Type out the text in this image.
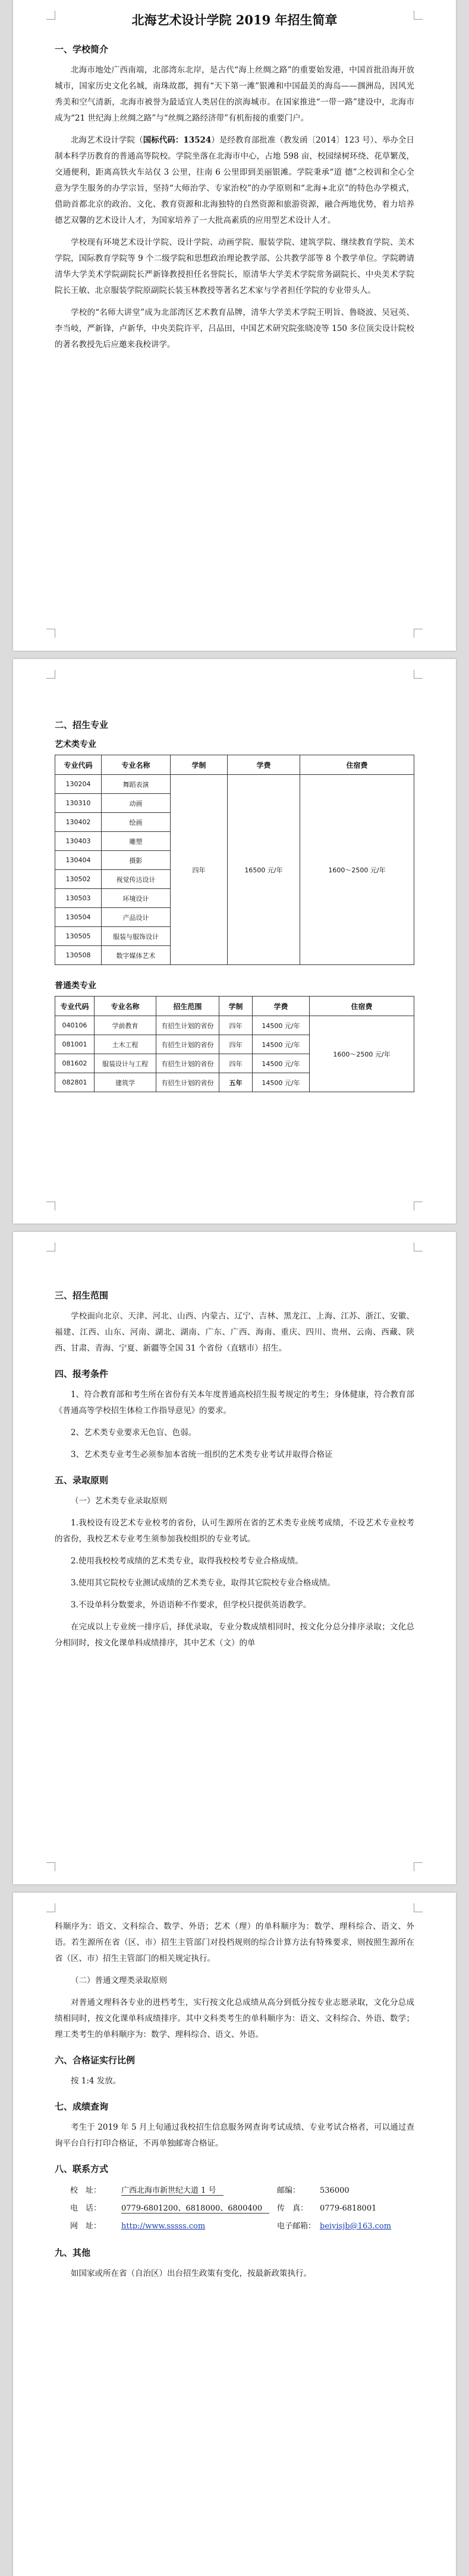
北海艺术设计学院 2019 年招生简章
一、学校简介

北海市地处广西南端，北部湾东北岸，是古代“海上丝绸之路”的重要始发港，中国首批沿海开放城市，国家历史文化名城，南珠故郡，拥有“天下第一滩”银滩和中国最美的海岛——涠洲岛，因风光秀美和空气清新，北海市被誉为最适宜人类居住的滨海城市。在国家推进“一带一路”建设中，北海市成为“21 世纪海上丝绸之路”与“丝绸之路经济带”有机衔接的重要门户。

北海艺术设计学院（国标代码：13524）是经教育部批准（教发函〔2014〕123 号）、举办全日制本科学历教育的普通高等院校。学院坐落在北海市中心，占地 598 亩，校园绿树环绕、花草繁茂，交通便利，距离高铁火车站仅 3 公里，往南 6 公里即到美丽银滩。学院秉承“道 德”之校训和全心全意为学生服务的办学宗旨，坚持“大师治学、专家治校”的办学原则和“北海+北京”的特色办学模式，借助首都北京的政治、文化、教育资源和北海独特的自然资源和旅游资源，融合两地优势，着力培养德艺双馨的艺术设计人才，为国家培养了一大批高素质的应用型艺术设计人才。

学校现有环境艺术设计学院、设计学院、动画学院、服装学院、建筑学院、继续教育学院、美术学院，国际教育学院等 9 个二级学院和思想政治理论教学部、公共教学部等 8 个教学单位。学院聘请清华大学美术学院副院长严新锋教授担任名誉院长，原清华大学美术学院常务副院长、中央美术学院院长王敏、北京服装学院原副院长装玉林教授等著名艺术家与学者担任学院的专业带头人。

学校的“名师大讲堂”成为北部湾区艺术教育品牌，清华大学美术学院王明旨、鲁晓波、吴冠英、李当岐，严新锋，卢新华，中央美院许平，吕品田，中国艺术研究院张晓凌等 150 多位顶尖设计院校的著名教授先后应邀来我校讲学。

二、招生专业
艺术类专业
专业代码	专业名称	学制	学费	住宿费
130204	舞蹈表演	四年	16500 元/年	1600～2500 元/年
130310	动画			
130402	绘画			
130403	雕塑			
130404	摄影			
130502	视觉传达设计			
130503	环境设计			
130504	产品设计			
130505	服装与服饰设计			
130508	数字媒体艺术			
普通类专业
专业代码	专业名称	招生范围	学制	学费	住宿费
040106	学前教育	有招生计划的省份	四年	14500 元/年	1600～2500 元/年
081001	土木工程	有招生计划的省份	四年	14500 元/年	
081602	服装设计与工程	有招生计划的省份	四年	14500 元/年	
082801	建筑学	有招生计划的省份	五年	14500 元/年	
三、招生范围

学校面向北京、天津、河北、山西、内蒙古、辽宁、吉林、黑龙江、上海、江苏、浙江、安徽、福建、江西、山东、河南、湖北、湖南、广东、广西、海南、重庆、四川、贵州、云南、西藏、陕西、甘肃、青海、宁夏、新疆等全国 31 个省份（直辖市）招生。

四、报考条件

1、符合教育部和考生所在省份有关本年度普通高校招生报考规定的考生；身体健康，符合教育部《普通高等学校招生体检工作指导意见》的要求。

2、艺术类专业要求无色盲、色弱。

3、艺术类专业考生必须参加本省统一组织的艺术类专业考试并取得合格证

五、录取原则

（一）艺术类专业录取原则

1.我校设有设艺术专业校考的省份，认可生源所在省的艺术类专业统考成绩，不设艺术专业校考的省份，我校艺术专业考生须参加我校组织的专业考试。

2.使用我校校考成绩的艺术类专业，取得我校校考专业合格成绩。

3.使用其它院校专业测试成绩的艺术类专业，取得其它院校专业合格成绩。

3.不设单科分数要求，外语语种不作要求，但学校只提供英语教学。

在完成以上专业统一排序后，择优录取，专业分数成绩相同时，按文化分总分排序录取；文化总分相同时，按文化课单科成绩排序，其中艺术（文）的单

科顺序为：语文、文科综合、数学、外语；艺术（理）的单科顺序为：数学、理科综合、语文、外语。若生源所在省（区、市）招生主管部门对投档规则的综合计算方法有特殊要求，则按照生源所在省（区、市）招生主管部门的相关规定执行。

（二）普通文理类录取原则

对普通文理科各专业的进档考生，实行按文化总成绩从高分到低分按专业志愿录取，文化分总成绩相同时，按文化课单科成绩排序。其中文科类考生的单科顺序为：语文、文科综合、外语、数学；理工类考生的单科顺序为：数学、理科综合、语文、外语。

六、合格证实行比例

按 1:4 发放。

七、成绩查询

考生于 2019 年 5 月上旬通过我校招生信息服务网查询考试成绩、专业考试合格者，可以通过查询平台自行打印合格证，不再单独邮寄合格证。

八、联系方式
校　址：	广西北海市新世纪大道 1 号	邮编：	536000
电　话：	0779-6801200、6818000、6800400	传　真：	0779-6818001
网　址：	http://www.sssss.com	电子邮箱： beiyisjb@163.com
九、其他

如国家或所在省（自治区）出台招生政策有变化，按最新政策执行。
